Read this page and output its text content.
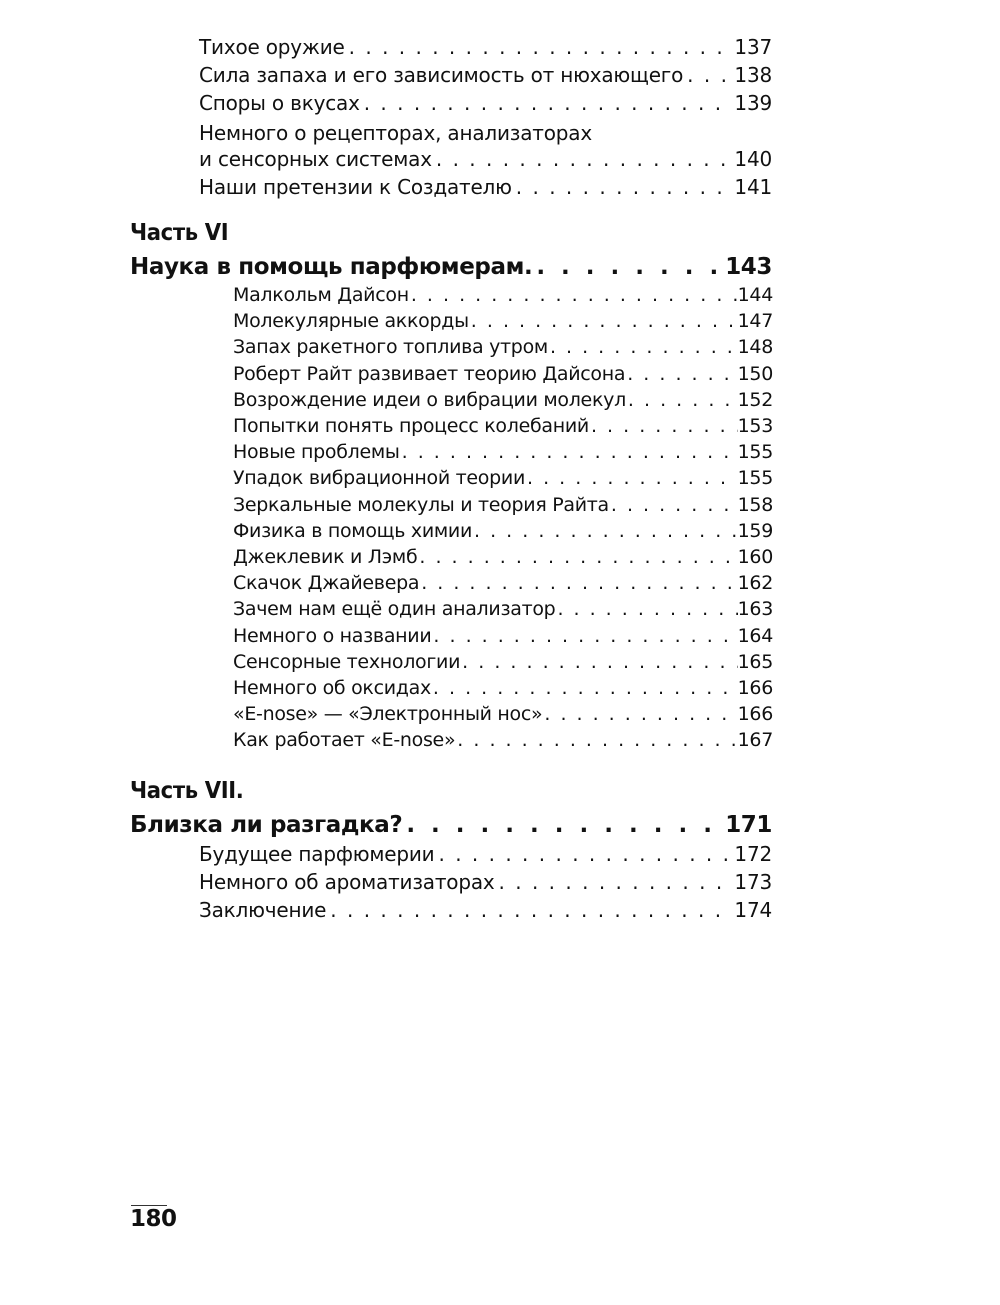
Тихое оружие . . .	137
Сила запаха и его зависимость от нюхающего . . .	138
Споры о вкусах . . .	139
Немного о рецепторах, анализаторах
и сенсорных системах . . .	140
Наши претензии к Создателю . . .	141
Часть VI
Наука в помощь парфюмерам. . . .	143
Малкольм Дайсон . . .	144
Молекулярные аккорды . . .	147
Запах ракетного топлива утром . . .	148
Роберт Райт развивает теорию Дайсона . . .	150
Возрождение идеи о вибрации молекул . . .	152
Попытки понять процесс колебаний . . .	153
Новые проблемы . . .	155
Упадок вибрационной теории . . .	155
Зеркальные молекулы и теория Райта . . .	158
Физика в помощь химии . . .	159
Джеклевик и Лэмб . . .	160
Скачок Джайевера . . .	162
Зачем нам ещё один анализатор . . .	163
Немного о названии . . .	164
Сенсорные технологии . . .	165
Немного об оксидах . . .	166
«E-nose» — «Электронный нос» . . .	166
Как работает «E-nose» . . .	167
Часть VII.
Близка ли разгадка? . . .	171
Будущее парфюмерии . . .	172
Немного об ароматизаторах . . .	173
Заключение . . .	174
180
